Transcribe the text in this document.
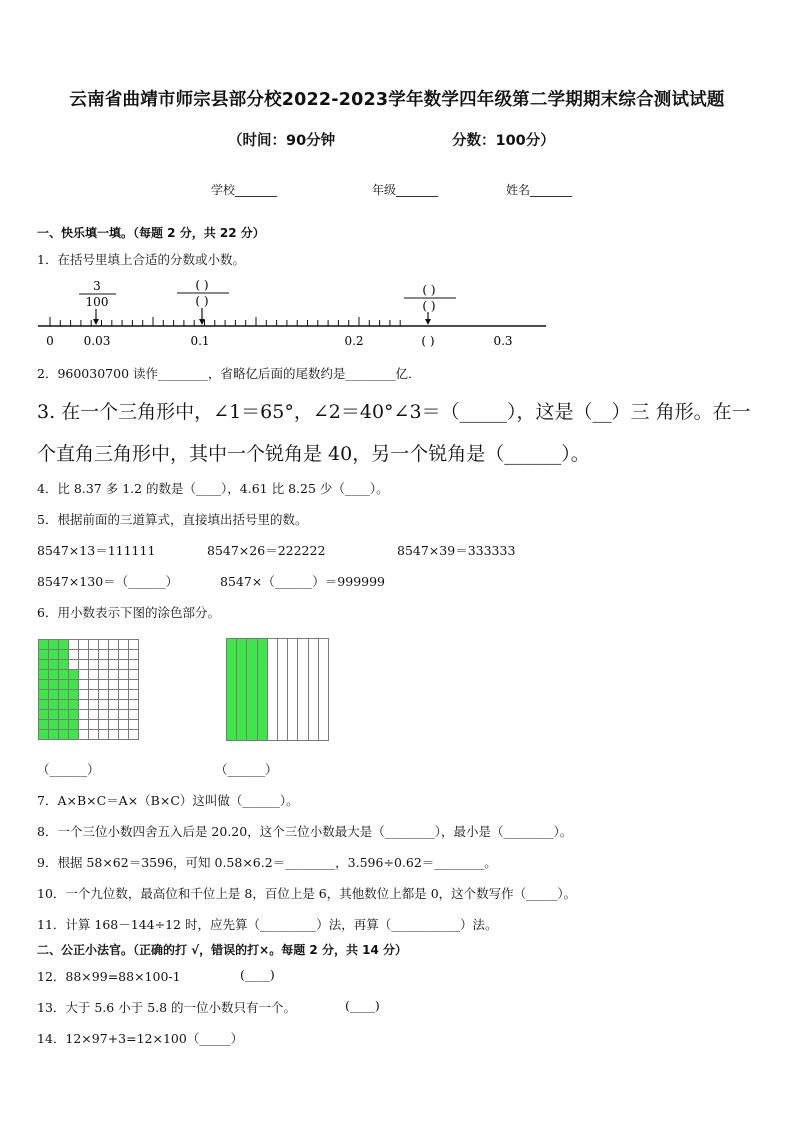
云南省曲靖市师宗县部分校2022-2023学年数学四年级第二学期期末综合测试试题
（时间：90分钟	分数：100分）
学校_______	年级_______	姓名_______
一、快乐填一填。（每题 2 分，共 22 分）
1．在括号里填上合适的分数或小数。
3
100
( )
( )
( )
( )
0 0.03	0.1	0.2	( )	0.3
2．960030700 读作________，省略亿后面的尾数约是________亿．
3. 在一个三角形中，∠1＝65°，∠2＝40°∠3＝（_____），这是（__）三 角形。在一
个直角三角形中，其中一个锐角是 40，另一个锐角是（______）。
4．比 8.37 多 1.2 的数是（____），4.61 比 8.25 少（____）。
5．根据前面的三道算式，直接填出括号里的数。
8547×13＝111111	8547×26＝222222	8547×39＝333333
8547×130＝（______）	8547×（______）＝999999
6．用小数表示下图的涂色部分。
（______）	（______）
7．A×B×C＝A×（B×C）这叫做（______）。
8．一个三位小数四舍五入后是 20.20，这个三位小数最大是（________），最小是（________）。
9．根据 58×62＝3596，可知 0.58×6.2＝________，3.596÷0.62＝________。
10．一个九位数，最高位和千位上是 8，百位上是 6，其他数位上都是 0，这个数写作（_____）。
11．计算 168－144÷12 时，应先算（_________）法，再算（___________）法。
二、公正小法官。（正确的打 √，错误的打×。每题 2 分，共 14 分）
12．88×99=88×100-1	(____)
13．大于 5.6 小于 5.8 的一位小数只有一个。	(____)
14．12×97+3=12×100（_____）
